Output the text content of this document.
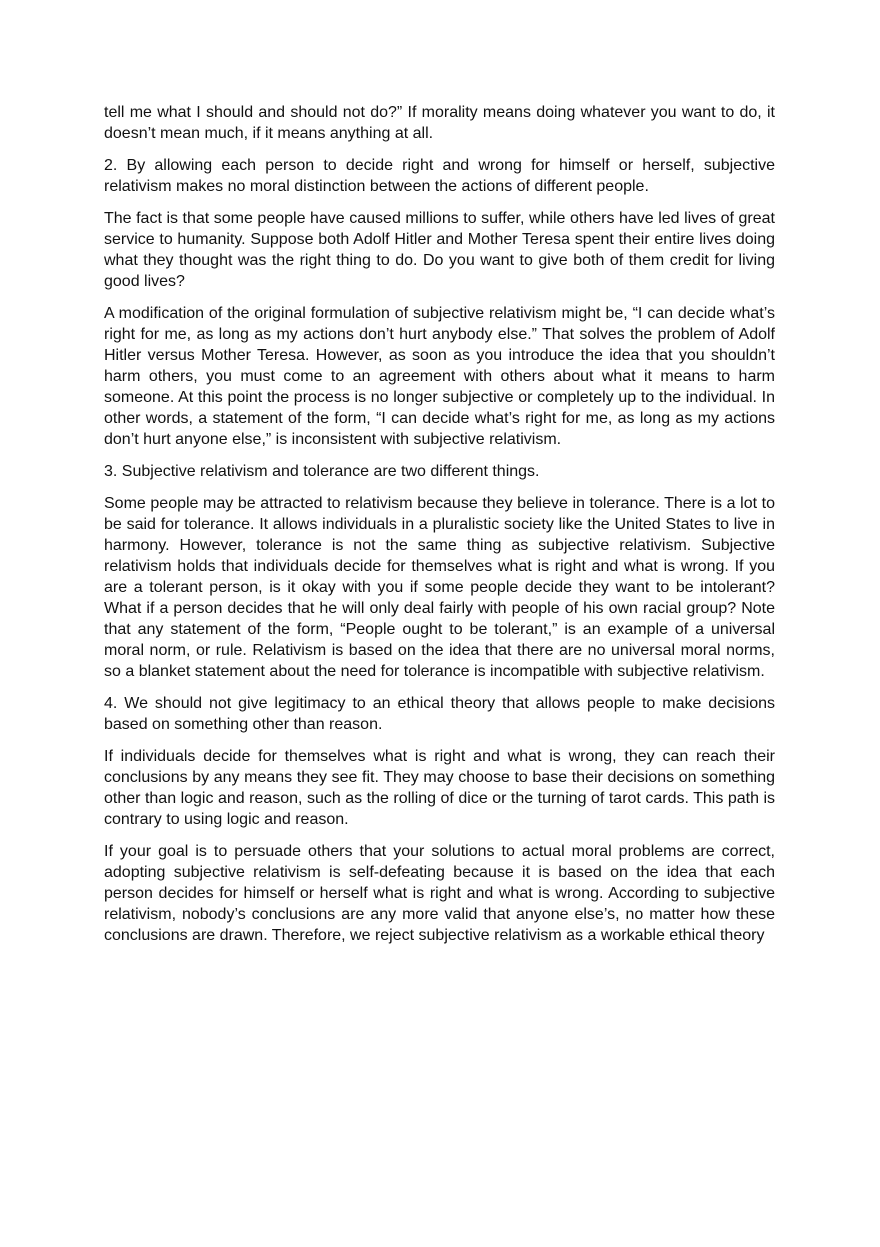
tell me what I should and should not do?” If morality means doing whatever you want to do, it doesn’t mean much, if it means anything at all.

2. By allowing each person to decide right and wrong for himself or herself, subjective relativism makes no moral distinction between the actions of different people.

The fact is that some people have caused millions to suffer, while others have led lives of great service to humanity. Suppose both Adolf Hitler and Mother Teresa spent their entire lives doing what they thought was the right thing to do. Do you want to give both of them credit for living good lives?

A modification of the original formulation of subjective relativism might be, “I can decide what’s right for me, as long as my actions don’t hurt anybody else.” That solves the problem of Adolf Hitler versus Mother Teresa. However, as soon as you introduce the idea that you shouldn’t harm others, you must come to an agreement with others about what it means to harm someone. At this point the process is no longer subjective or completely up to the individual. In other words, a statement of the form, “I can decide what’s right for me, as long as my actions don’t hurt anyone else,” is inconsistent with subjective relativism.

3. Subjective relativism and tolerance are two different things.

Some people may be attracted to relativism because they believe in tolerance. There is a lot to be said for tolerance. It allows individuals in a pluralistic society like the United States to live in harmony. However, tolerance is not the same thing as subjective relativism. Subjective relativism holds that individuals decide for themselves what is right and what is wrong. If you are a tolerant person, is it okay with you if some people decide they want to be intolerant? What if a person decides that he will only deal fairly with people of his own racial group? Note that any statement of the form, “People ought to be tolerant,” is an example of a universal moral norm, or rule. Relativism is based on the idea that there are no universal moral norms, so a blanket statement about the need for tolerance is incompatible with subjective relativism.

4. We should not give legitimacy to an ethical theory that allows people to make decisions based on something other than reason.

If individuals decide for themselves what is right and what is wrong, they can reach their conclusions by any means they see fit. They may choose to base their decisions on something other than logic and reason, such as the rolling of dice or the turning of tarot cards. This path is contrary to using logic and reason.

If your goal is to persuade others that your solutions to actual moral problems are correct, adopting subjective relativism is self-defeating because it is based on the idea that each person decides for himself or herself what is right and what is wrong. According to subjective relativism, nobody’s conclusions are any more valid that anyone else’s, no matter how these conclusions are drawn. Therefore, we reject subjective relativism as a workable ethical theory
